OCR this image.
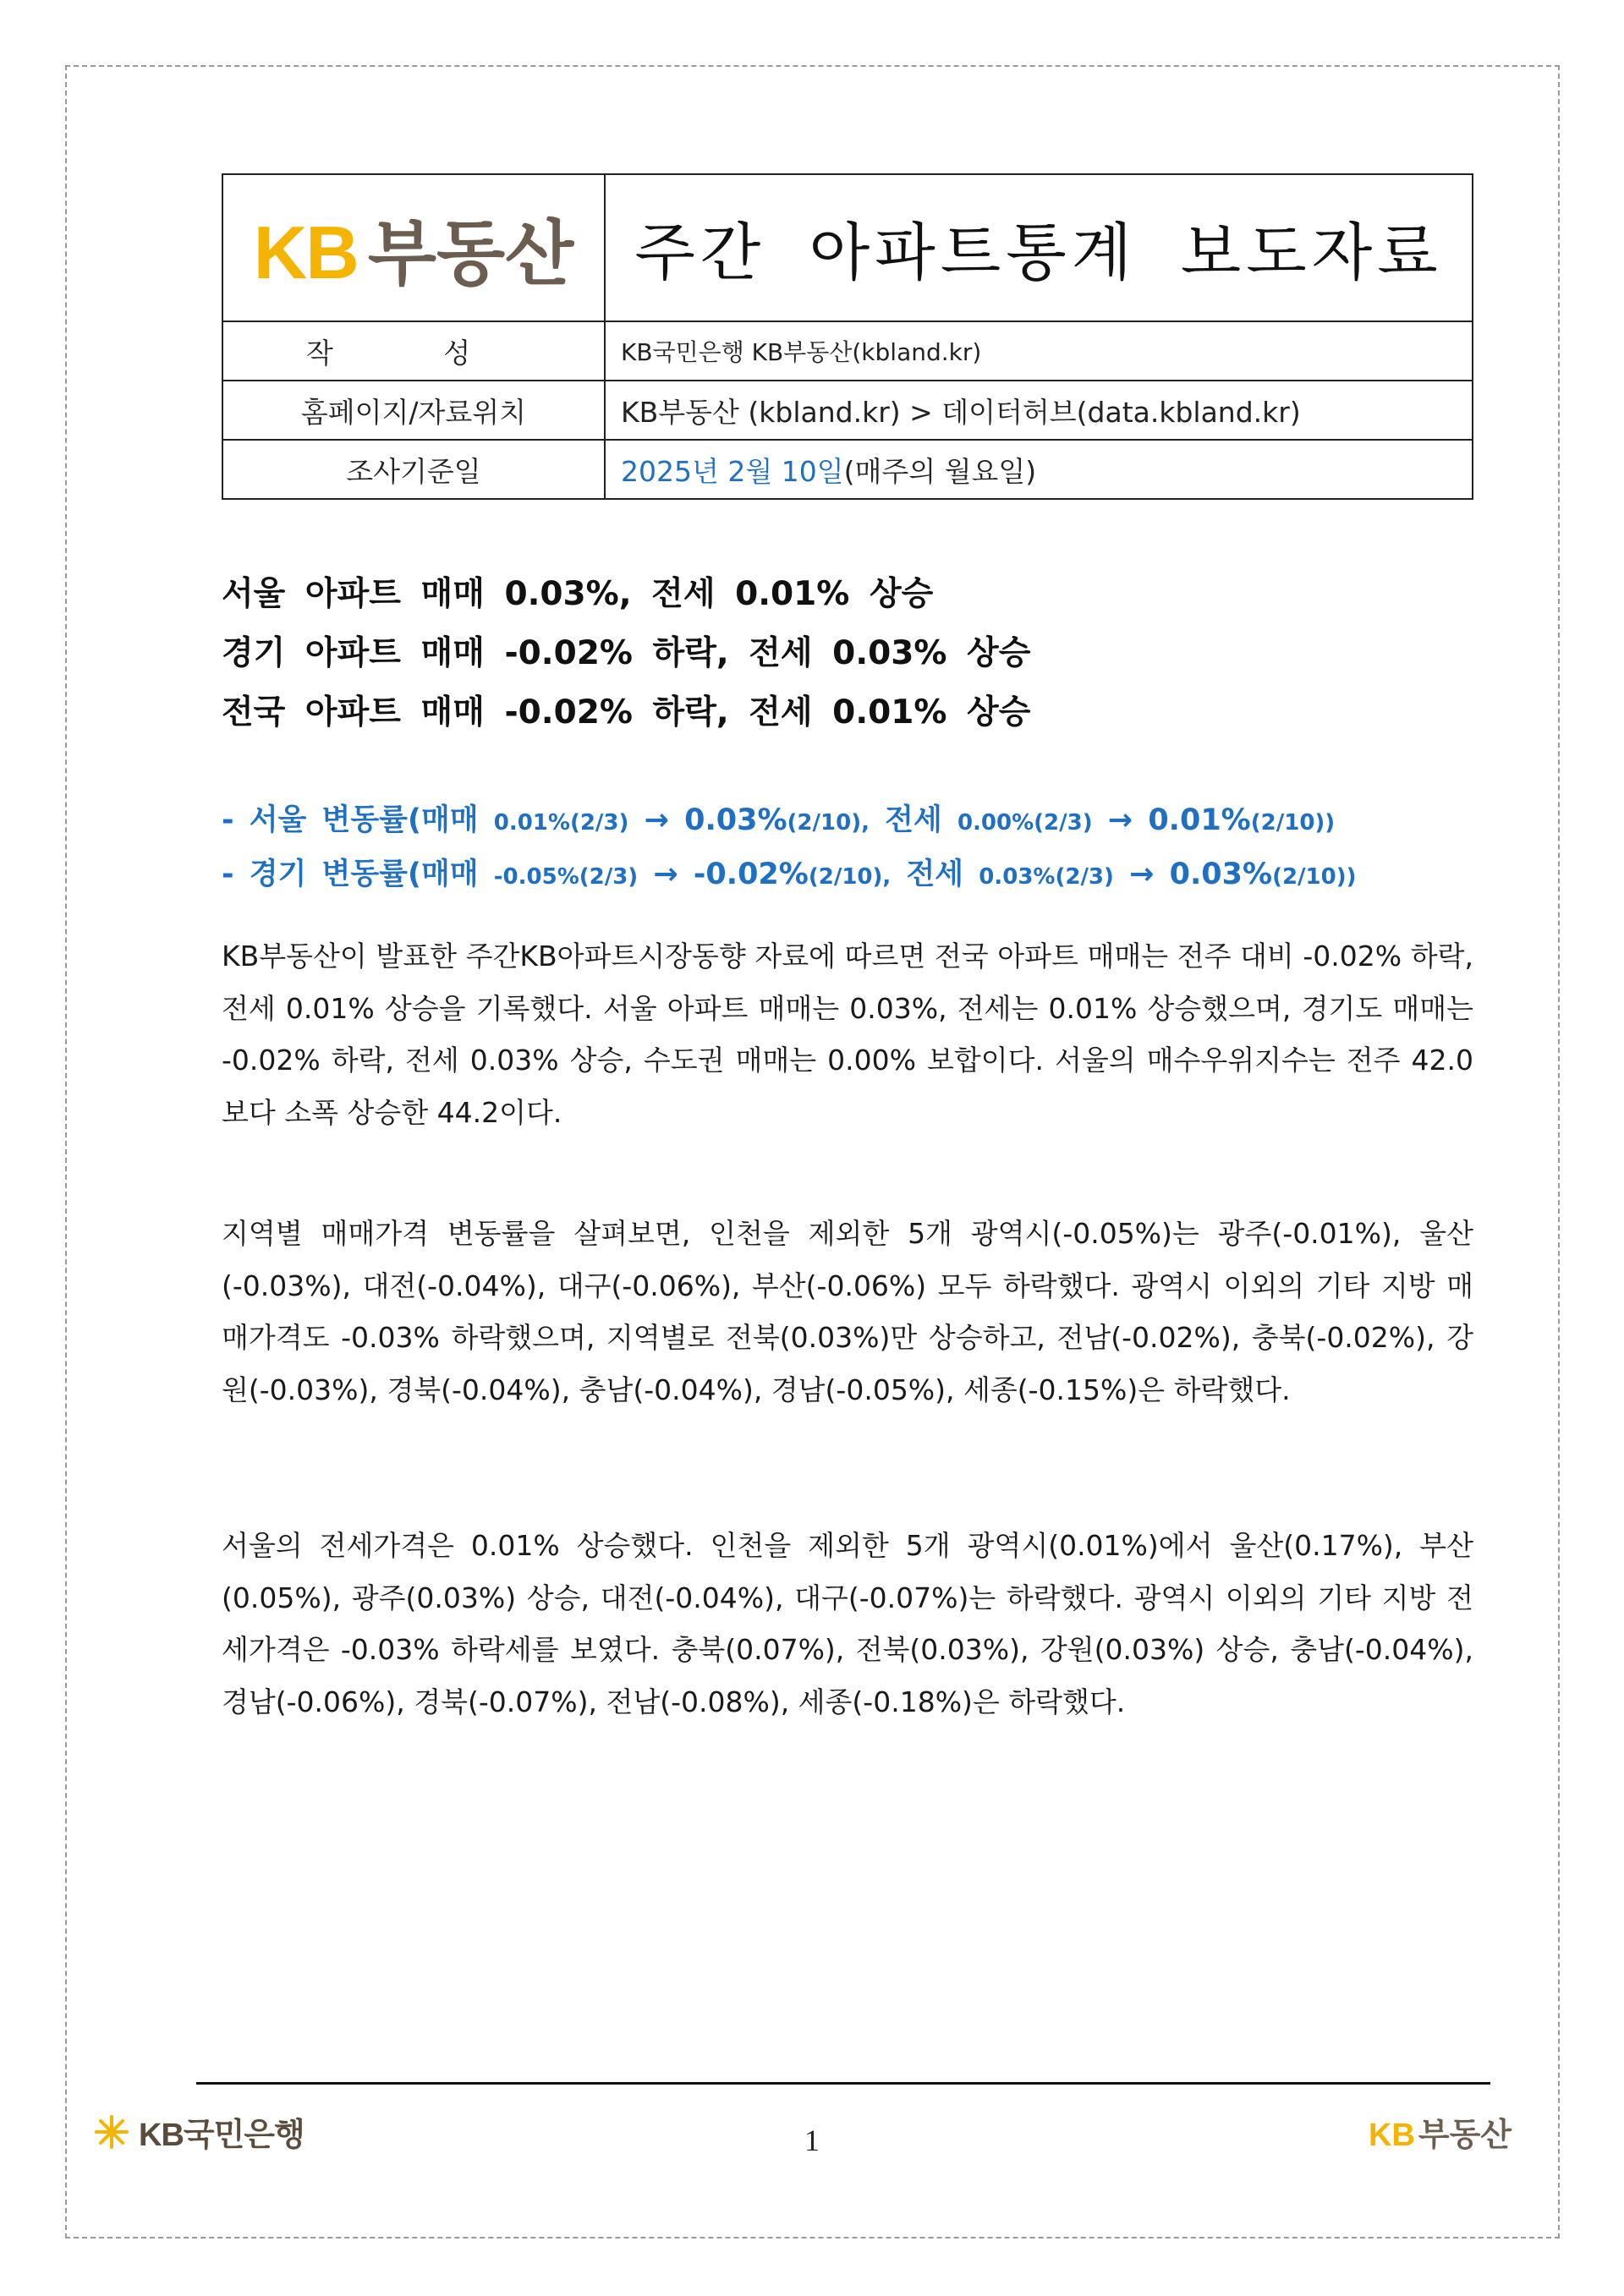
KB 부동산	주간 아파트통계 보도자료
작 성	KB국민은행 KB부동산(kbland.kr)
홈페이지/자료위치	KB부동산 (kbland.kr) > 데이터허브(data.kbland.kr)
조사기준일	2025년 2월 10일(매주의 월요일)
서울 아파트 매매 0.03%, 전세 0.01% 상승
경기 아파트 매매 -0.02% 하락, 전세 0.03% 상승
전국 아파트 매매 -0.02% 하락, 전세 0.01% 상승
- 서울 변동률(매매 0.01%(2/3) → 0.03%(2/10), 전세 0.00%(2/3) → 0.01%(2/10))
- 경기 변동률(매매 -0.05%(2/3) → -0.02%(2/10), 전세 0.03%(2/3) → 0.03%(2/10))

KB부동산이 발표한 주간KB아파트시장동향 자료에 따르면 전국 아파트 매매는 전주 대비 -0.02% 하락, 전세 0.01% 상승을 기록했다. 서울 아파트 매매는 0.03%, 전세는 0.01% 상승했으며, 경기도 매매는 -0.02% 하락, 전세 0.03% 상승, 수도권 매매는 0.00% 보합이다. 서울의 매수우위지수는 전주 42.0보다 소폭 상승한 44.2이다.

지역별 매매가격 변동률을 살펴보면, 인천을 제외한 5개 광역시(-0.05%)는 광주(-0.01%), 울산(-0.03%), 대전(-0.04%), 대구(-0.06%), 부산(-0.06%) 모두 하락했다. 광역시 이외의 기타 지방 매매가격도 -0.03% 하락했으며, 지역별로 전북(0.03%)만 상승하고, 전남(-0.02%), 충북(-0.02%), 강원(-0.03%), 경북(-0.04%), 충남(-0.04%), 경남(-0.05%), 세종(-0.15%)은 하락했다.

서울의 전세가격은 0.01% 상승했다. 인천을 제외한 5개 광역시(0.01%)에서 울산(0.17%), 부산(0.05%), 광주(0.03%) 상승, 대전(-0.04%), 대구(-0.07%)는 하락했다. 광역시 이외의 기타 지방 전세가격은 -0.03% 하락세를 보였다. 충북(0.07%), 전북(0.03%), 강원(0.03%) 상승, 충남(-0.04%), 경남(-0.06%), 경북(-0.07%), 전남(-0.08%), 세종(-0.18%)은 하락했다.

KB국민은행	1	KB 부동산
